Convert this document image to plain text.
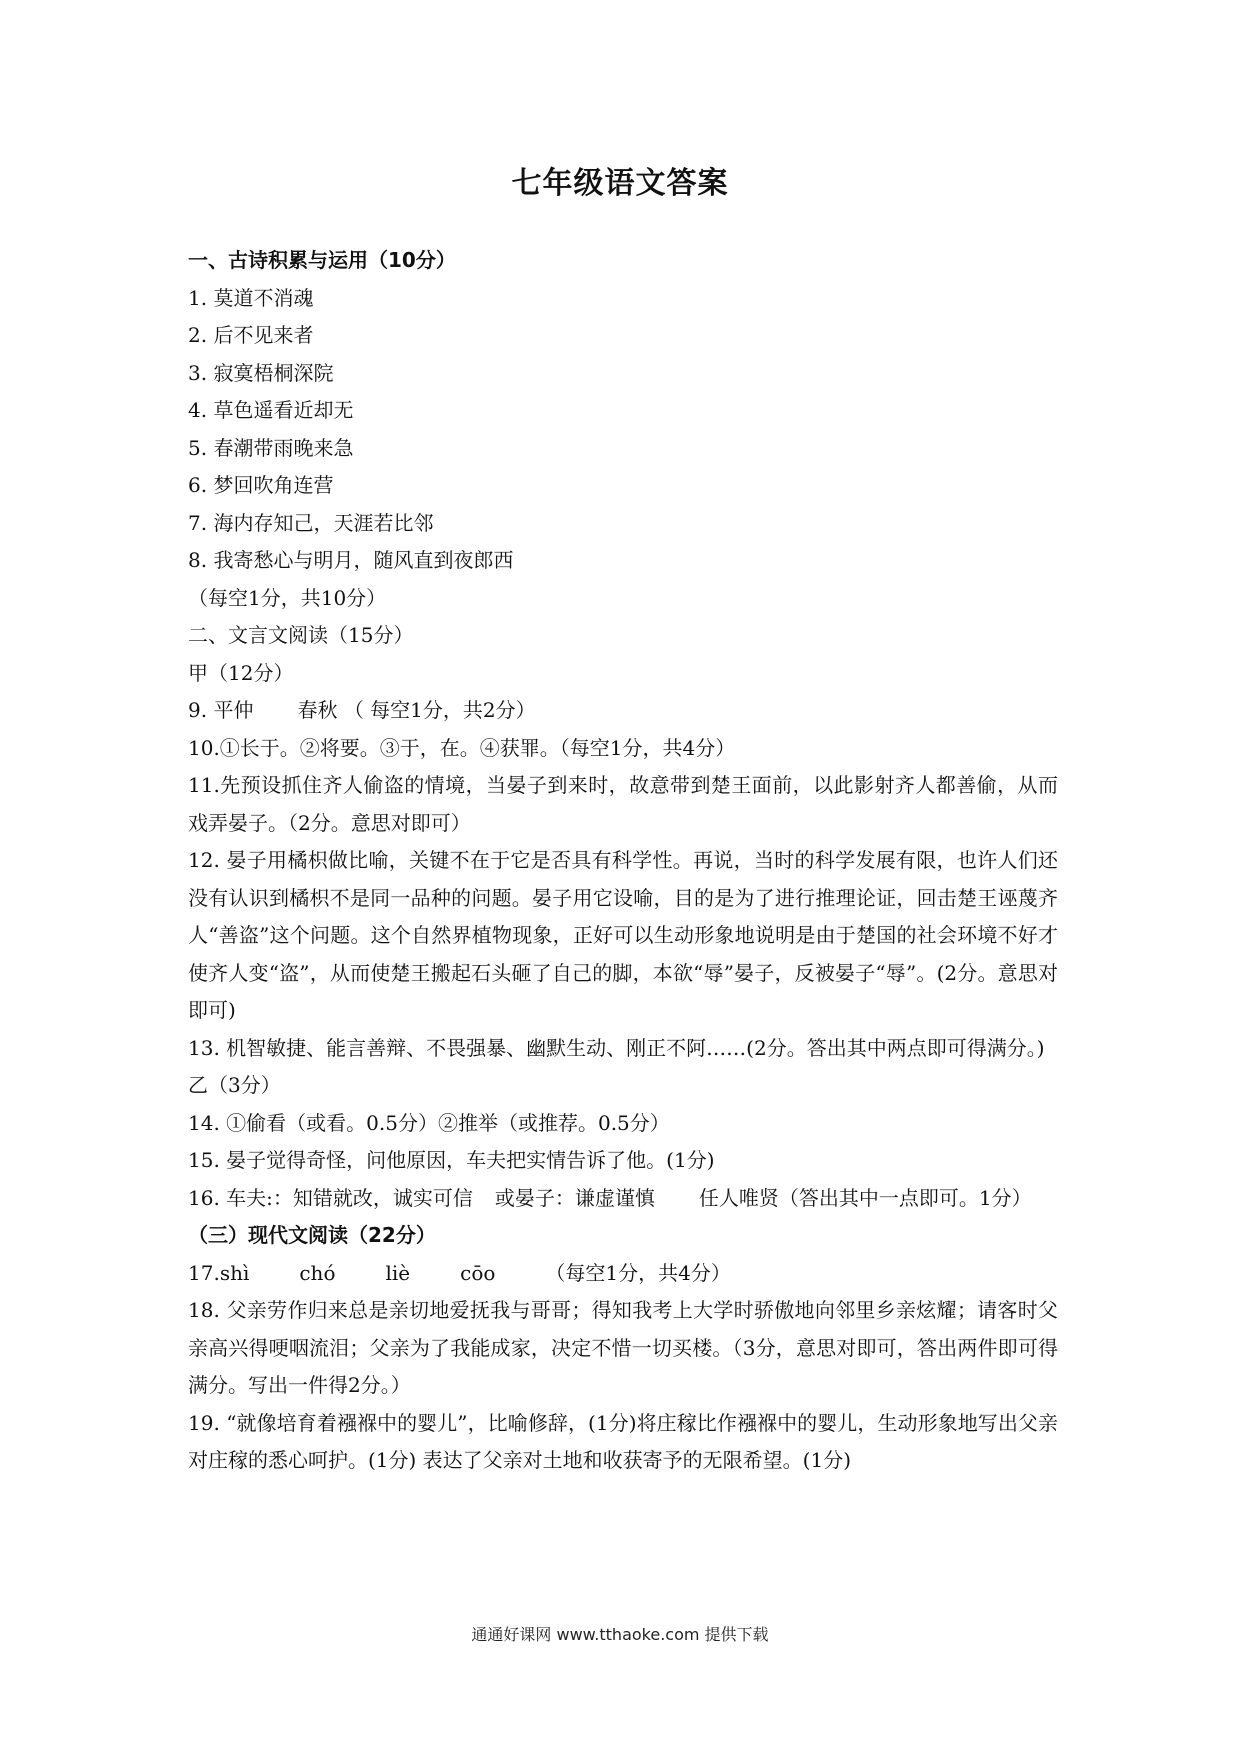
七年级语文答案
一、古诗积累与运用（10分）
1. 莫道不消魂
2. 后不见来者
3. 寂寞梧桐深院
4. 草色遥看近却无
5. 春潮带雨晚来急
6. 梦回吹角连营
7. 海内存知己，天涯若比邻
8. 我寄愁心与明月，随风直到夜郎西
（每空1分，共10分）
二、文言文阅读（15分）
甲（12分）
9. 平仲 春秋 （ 每空1分，共2分）
10.①长于。②将要。③于，在。④获罪。（每空1分，共4分）
11.先预设抓住齐人偷盗的情境，当晏子到来时，故意带到楚王面前，以此影射齐人都善偷，从而戏弄晏子。（2分。意思对即可）
12. 晏子用橘枳做比喻，关键不在于它是否具有科学性。再说，当时的科学发展有限，也许人们还没有认识到橘枳不是同一品种的问题。晏子用它设喻，目的是为了进行推理论证，回击楚王诬蔑齐人“善盗”这个问题。这个自然界植物现象，正好可以生动形象地说明是由于楚国的社会环境不好才使齐人变“盗”，从而使楚王搬起石头砸了自己的脚，本欲“辱”晏子，反被晏子“辱”。(2分。意思对即可)
13. 机智敏捷、能言善辩、不畏强暴、幽默生动、刚正不阿……(2分。答出其中两点即可得满分。)
乙（3分）
14. ①偷看（或看。0.5分）②推举（或推荐。0.5分）
15. 晏子觉得奇怪，问他原因，车夫把实情告诉了他。(1分)
16. 车夫:：知错就改，诚实可信 或晏子：谦虚谨慎 任人唯贤（答出其中一点即可。1分）
（三）现代文阅读（22分）
17.shì	chó	liè	cōo	（每空1分，共4分）
18. 父亲劳作归来总是亲切地爱抚我与哥哥；得知我考上大学时骄傲地向邻里乡亲炫耀；请客时父亲高兴得哽咽流泪；父亲为了我能成家，决定不惜一切买楼。（3分，意思对即可，答出两件即可得满分。写出一件得2分。）
19. “就像培育着襁褓中的婴儿”，比喻修辞，(1分)将庄稼比作襁褓中的婴儿，生动形象地写出父亲对庄稼的悉心呵护。(1分) 表达了父亲对土地和收获寄予的无限希望。(1分)
通通好课网 www.tthaoke.com 提供下载
